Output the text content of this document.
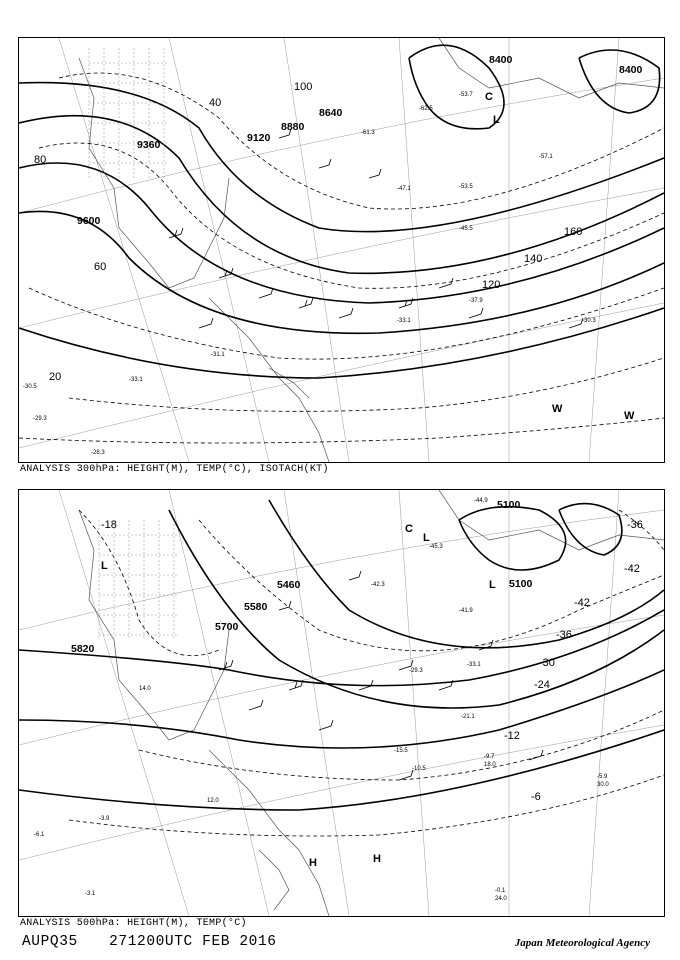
8400
8400
8640
8880
9120
9360
9600
20
40
60
80
100
120
140
160
-30.5
-28.3
-29.3
-33.1
-31.1
-37.9
-33.1
-53.5
-47.1
-45.5
-57.1
-53.7
-62.5
-61.3
-30.3
C
L
W
W
ANALYSIS 300hPa: HEIGHT(M), TEMP(°C), ISOTACH(KT)
5100
5100
5460
5580
5700
5820
-18
-24
-30
-36
-42
-42
-12
-6
-36
-44.9
-45.3
-42.3
-41.9
-33.1
-29.3
-21.1
-15.5
-10.5
-9.7
-5.9
-3.9
-6.1
-3.1	-0.1
24.0
18.0
30.0
14.0
12.0
C
L
L
L
H	H
ANALYSIS 500hPa: HEIGHT(M), TEMP(°C)
AUPQ35 271200UTC FEB 2016	Japan Meteorological Agency
